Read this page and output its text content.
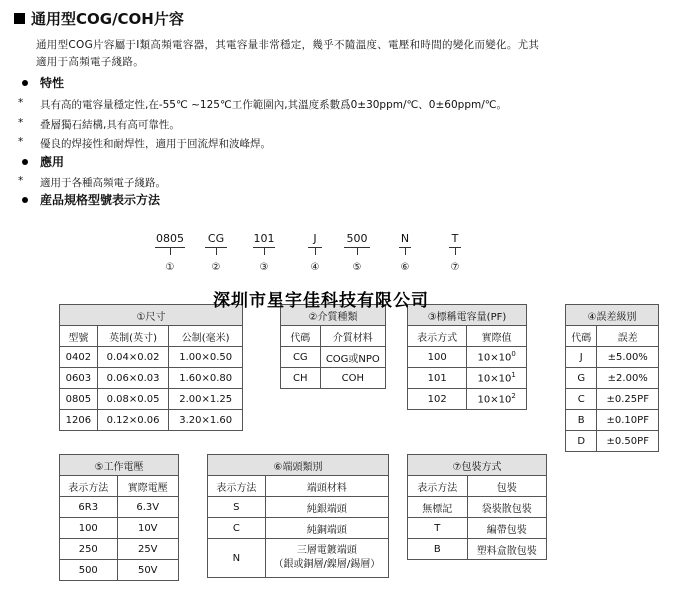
通用型COG/COH片容
通用型COG片容屬于Ⅰ類高頻電容器，其電容量非常穩定，幾乎不隨溫度、電壓和時間的變化而變化。尤其
適用于高頻電子綫路。
特性
*	具有高的電容量穩定性,在-55℃ ~125℃工作範圍內,其溫度系數爲0±30ppm/℃、0±60ppm/℃。
*	叠層獨石結構,具有高可靠性。
*	優良的焊接性和耐焊性，適用于回流焊和波峰焊。
應用
*	適用于各種高頻電子綫路。
産品規格型號表示方法
0805	CG	101	J	500	N	T
①	②	③	④	⑤	⑥	⑦
①尺寸		
型號	英制(英寸)	公制(毫米)
0402	0.04×0.02	1.00×0.50
0603	0.06×0.03	1.60×0.80
0805	0.08×0.05	2.00×1.25
1206	0.12×0.06	3.20×1.60
②介質種類	
代碼	介質材料
CG	COG或NPO
CH	COH
③標稱電容量(PF)	
表示方式	實際值
100	$10\times 10^0$
101	$10\times 10^1$
102	$10\times 10^2$
④誤差級別	
代碼	誤差
J	±5.00%
G	±2.00%
C	±0.25PF
B	±0.10PF
D	±0.50PF
深圳市星宇佳科技有限公司
⑤工作電壓	
表示方法	實際電壓
6R3	6.3V
100	10V
250	25V
500	50V
⑥端頭類別	
表示方法	端頭材料
S	純銀端頭
C	純銅端頭
N	三層電鍍端頭
（銀或銅層/鎳層/錫層）
⑦包裝方式	
表示方法	包裝
無標記	袋裝散包裝
T	編帶包裝
B	塑料盒散包裝
